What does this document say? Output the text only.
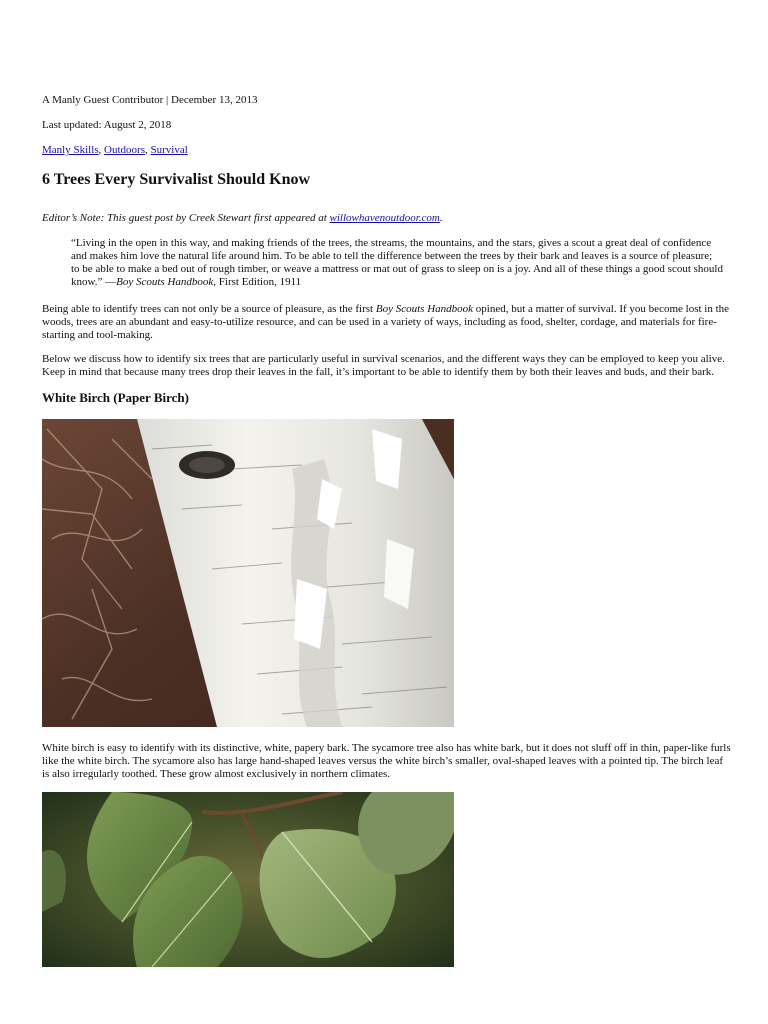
A Manly Guest Contributor | December 13, 2013

Last updated: August 2, 2018

Manly Skills, Outdoors, Survival

6 Trees Every Survivalist Should Know

Editor’s Note: This guest post by Creek Stewart first appeared at willowhavenoutdoor.com.

“Living in the open in this way, and making friends of the trees, the streams, the mountains, and the stars, gives a scout a great deal of confidence and makes him love the natural life around him. To be able to tell the difference between the trees by their bark and leaves is a source of pleasure; to be able to make a bed out of rough timber, or weave a mattress or mat out of grass to sleep on is a joy. And all of these things a good scout should know.” —Boy Scouts Handbook, First Edition, 1911

Being able to identify trees can not only be a source of pleasure, as the first Boy Scouts Handbook opined, but a matter of survival. If you become lost in the woods, trees are an abundant and easy-to-utilize resource, and can be used in a variety of ways, including as food, shelter, cordage, and materials for fire-starting and tool-making.

Below we discuss how to identify six trees that are particularly useful in survival scenarios, and the different ways they can be employed to keep you alive. Keep in mind that because many trees drop their leaves in the fall, it’s important to be able to identify them by both their leaves and buds, and their bark.

White Birch (Paper Birch)

White birch is easy to identify with its distinctive, white, papery bark. The sycamore tree also has white bark, but it does not sluff off in thin, paper-like furls like the white birch. The sycamore also has large hand-shaped leaves versus the white birch’s smaller, oval-shaped leaves with a pointed tip. The birch leaf is also irregularly toothed. These grow almost exclusively in northern climates.
